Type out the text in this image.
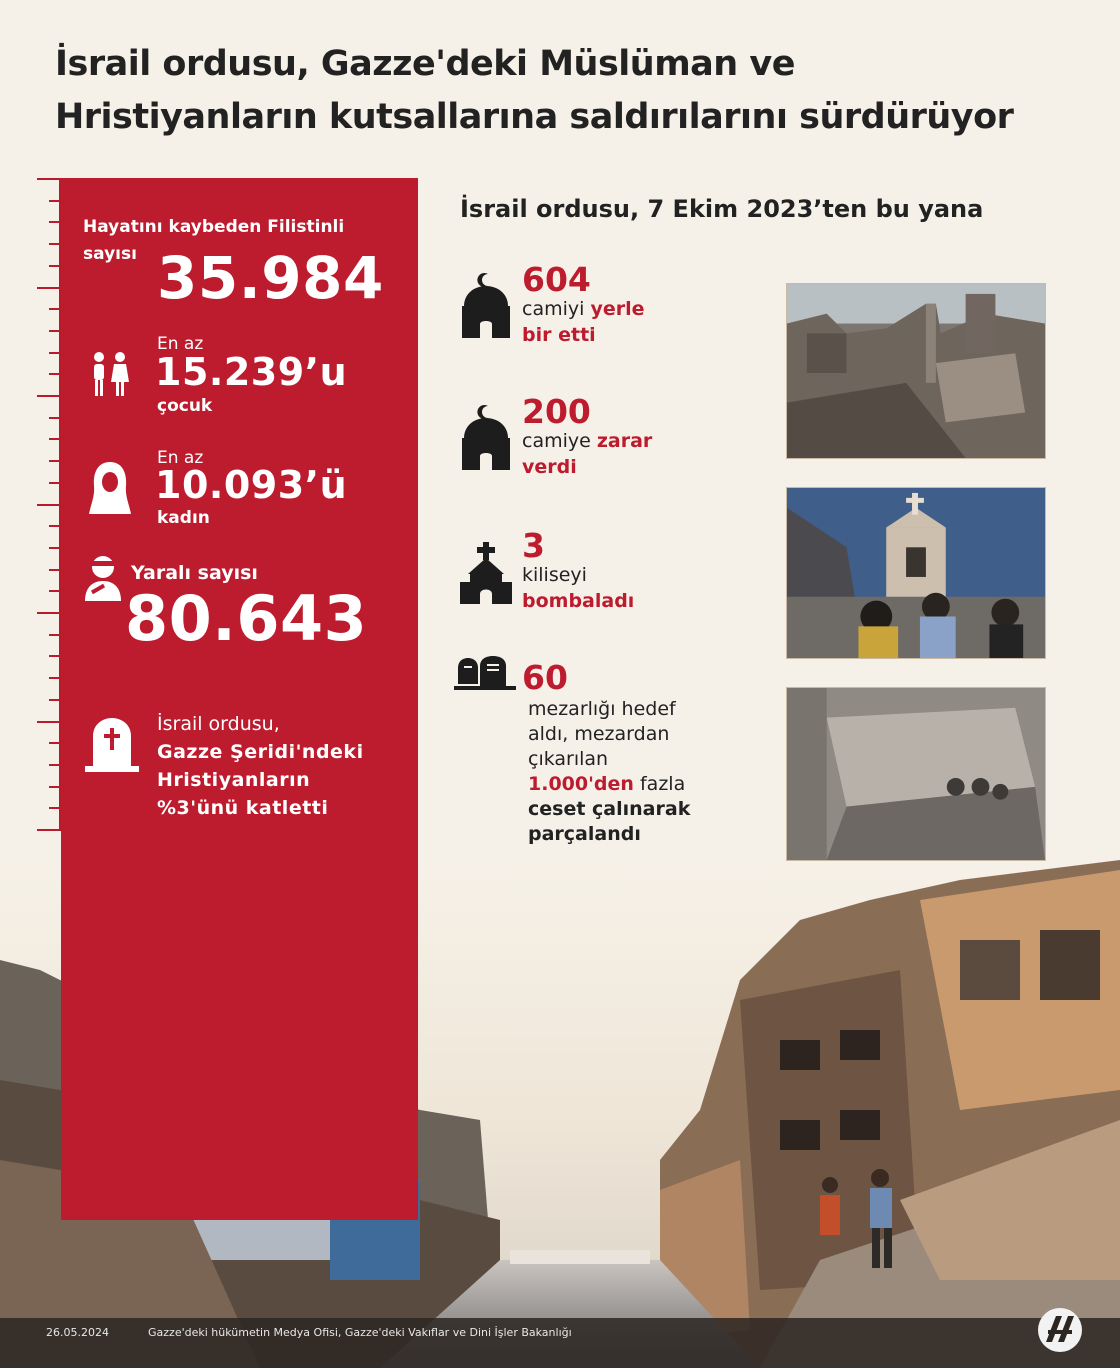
İsrail ordusu, Gazze'deki Müslüman ve
Hristiyanların kutsallarına saldırılarını sürdürüyor
Hayatını kaybeden Filistinli
sayısı 35.984
En az
15.239’u
çocuk
En az
10.093’ü
kadın
Yaralı sayısı
80.643
İsrail ordusu,
Gazze Şeridi'ndeki
Hristiyanların
%3'ünü katletti
İsrail ordusu, 7 Ekim 2023’ten bu yana
604
camiyi yerle
bir etti
200
camiye zarar
verdi
3
kiliseyi
bombaladı
60
mezarlığı hedef
aldı, mezardan
çıkarılan
1.000'den fazla
ceset çalınarak
parçalandı
26.05.2024	Gazze'deki hükümetin Medya Ofisi, Gazze'deki Vakıflar ve Dini İşler Bakanlığı
